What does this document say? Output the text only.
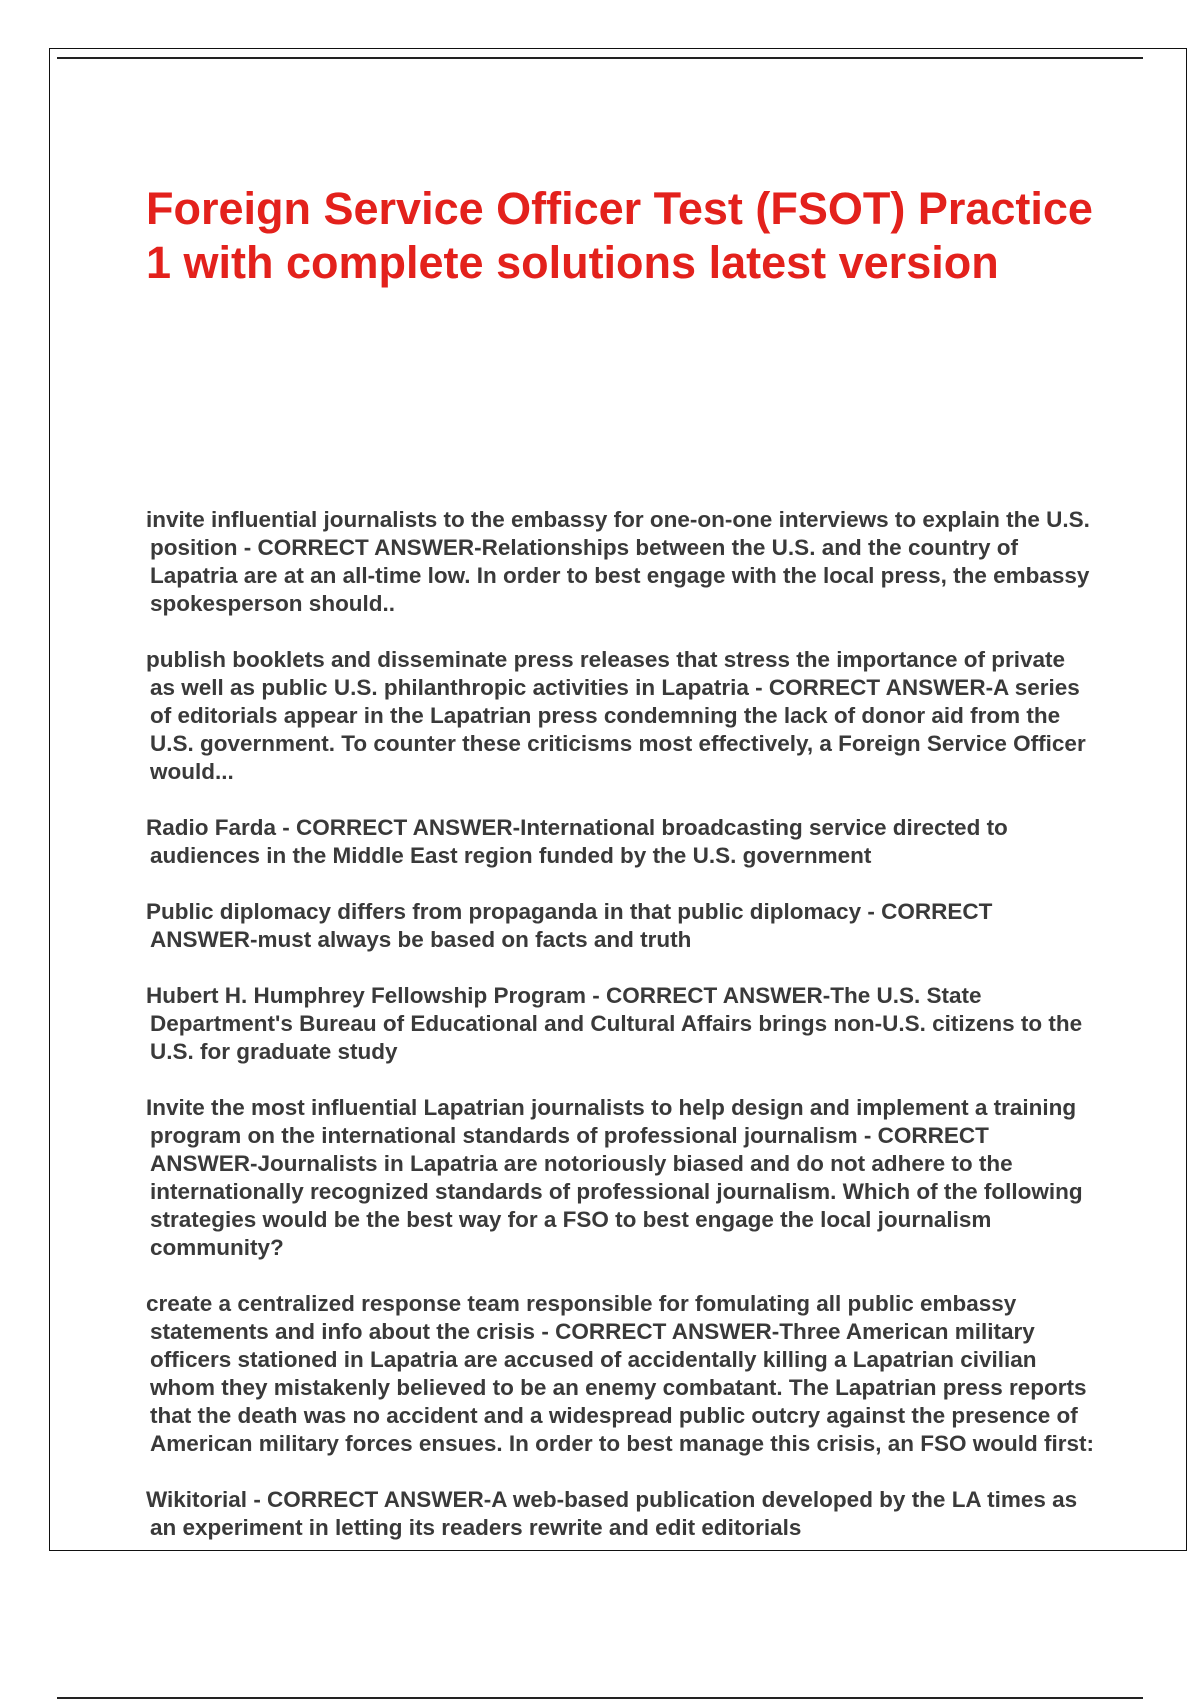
Foreign Service Officer Test (FSOT) Practice 1 with complete solutions latest version
invite influential journalists to the embassy for one-on-one interviews to explain the U.S. position - CORRECT ANSWER-Relationships between the U.S. and the country of Lapatria are at an all-time low. In order to best engage with the local press, the embassy spokesperson should..
publish booklets and disseminate press releases that stress the importance of private as well as public U.S. philanthropic activities in Lapatria - CORRECT ANSWER-A series of editorials appear in the Lapatrian press condemning the lack of donor aid from the U.S. government. To counter these criticisms most effectively, a Foreign Service Officer would...
Radio Farda - CORRECT ANSWER-International broadcasting service directed to audiences in the Middle East region funded by the U.S. government
Public diplomacy differs from propaganda in that public diplomacy - CORRECT ANSWER-must always be based on facts and truth
Hubert H. Humphrey Fellowship Program - CORRECT ANSWER-The U.S. State Department's Bureau of Educational and Cultural Affairs brings non-U.S. citizens to the U.S. for graduate study
Invite the most influential Lapatrian journalists to help design and implement a training program on the international standards of professional journalism - CORRECT ANSWER-Journalists in Lapatria are notoriously biased and do not adhere to the internationally recognized standards of professional journalism. Which of the following strategies would be the best way for a FSO to best engage the local journalism community?
create a centralized response team responsible for fomulating all public embassy statements and info about the crisis - CORRECT ANSWER-Three American military officers stationed in Lapatria are accused of accidentally killing a Lapatrian civilian whom they mistakenly believed to be an enemy combatant. The Lapatrian press reports that the death was no accident and a widespread public outcry against the presence of American military forces ensues. In order to best manage this crisis, an FSO would first:
Wikitorial - CORRECT ANSWER-A web-based publication developed by the LA times as an experiment in letting its readers rewrite and edit editorials
